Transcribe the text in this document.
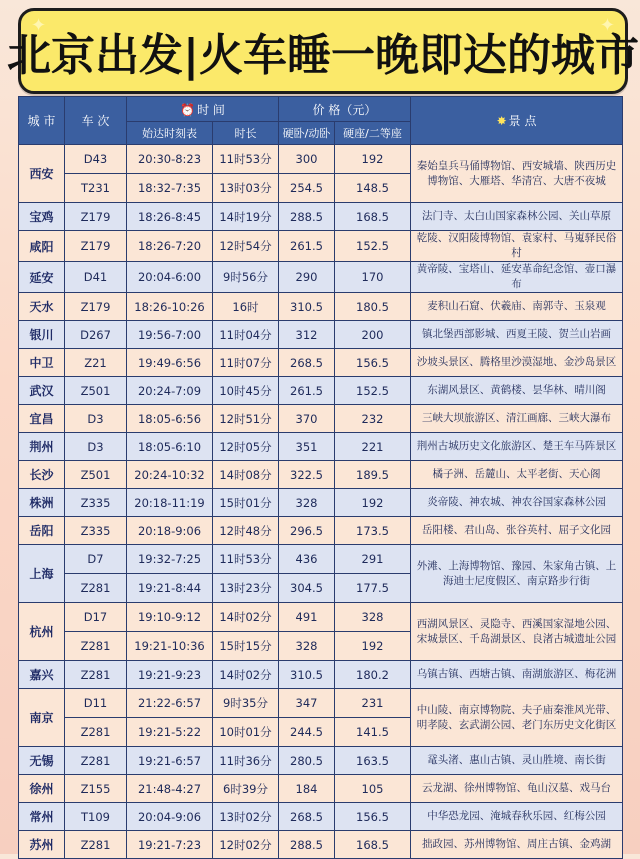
✦	✦
北京出发|火车睡一晚即达的城市
城 市	车 次	⏰ 时 间		价 格（元）		✸ 景 点
		始达时刻表	时长	硬卧/动卧	硬座/二等座	
西安	D43	20:30-8:23	11时53分	300	192	秦始皇兵马俑博物馆、西安城墙、陕西历史博物馆、大雁塔、华清宫、大唐不夜城
	T231	18:32-7:35	13时03分	254.5	148.5	
宝鸡	Z179	18:26-8:45	14时19分	288.5	168.5	法门寺、太白山国家森林公园、关山草原
咸阳	Z179	18:26-7:20	12时54分	261.5	152.5	乾陵、汉阳陵博物馆、袁家村、马嵬驿民俗村
延安	D41	20:04-6:00	9时56分	290	170	黄帝陵、宝塔山、延安革命纪念馆、壶口瀑布
天水	Z179	18:26-10:26	16时	310.5	180.5	麦积山石窟、伏羲庙、南郭寺、玉泉观
银川	D267	19:56-7:00	11时04分	312	200	镇北堡西部影城、西夏王陵、贺兰山岩画
中卫	Z21	19:49-6:56	11时07分	268.5	156.5	沙坡头景区、腾格里沙漠湿地、金沙岛景区
武汉	Z501	20:24-7:09	10时45分	261.5	152.5	东湖风景区、黄鹤楼、昙华林、晴川阁
宜昌	D3	18:05-6:56	12时51分	370	232	三峡大坝旅游区、清江画廊、三峡大瀑布
荆州	D3	18:05-6:10	12时05分	351	221	荆州古城历史文化旅游区、楚王车马阵景区
长沙	Z501	20:24-10:32	14时08分	322.5	189.5	橘子洲、岳麓山、太平老街、天心阁
株洲	Z335	20:18-11:19	15时01分	328	192	炎帝陵、神农城、神农谷国家森林公园
岳阳	Z335	20:18-9:06	12时48分	296.5	173.5	岳阳楼、君山岛、张谷英村、屈子文化园
上海	D7	19:32-7:25	11时53分	436	291	外滩、上海博物馆、豫园、朱家角古镇、上海迪士尼度假区、南京路步行街
	Z281	19:21-8:44	13时23分	304.5	177.5	
杭州	D17	19:10-9:12	14时02分	491	328	西湖风景区、灵隐寺、西溪国家湿地公园、宋城景区、千岛湖景区、良渚古城遗址公园
	Z281	19:21-10:36	15时15分	328	192	
嘉兴	Z281	19:21-9:23	14时02分	310.5	180.2	乌镇古镇、西塘古镇、南湖旅游区、梅花洲
南京	D11	21:22-6:57	9时35分	347	231	中山陵、南京博物院、夫子庙秦淮风光带、明孝陵、玄武湖公园、老门东历史文化街区
	Z281	19:21-5:22	10时01分	244.5	141.5	
无锡	Z281	19:21-6:57	11时36分	280.5	163.5	鼋头渚、惠山古镇、灵山胜境、南长街
徐州	Z155	21:48-4:27	6时39分	184	105	云龙湖、徐州博物馆、龟山汉墓、戏马台
常州	T109	20:04-9:06	13时02分	268.5	156.5	中华恐龙园、淹城春秋乐园、红梅公园
苏州	Z281	19:21-7:23	12时02分	288.5	168.5	拙政园、苏州博物馆、周庄古镇、金鸡湖
